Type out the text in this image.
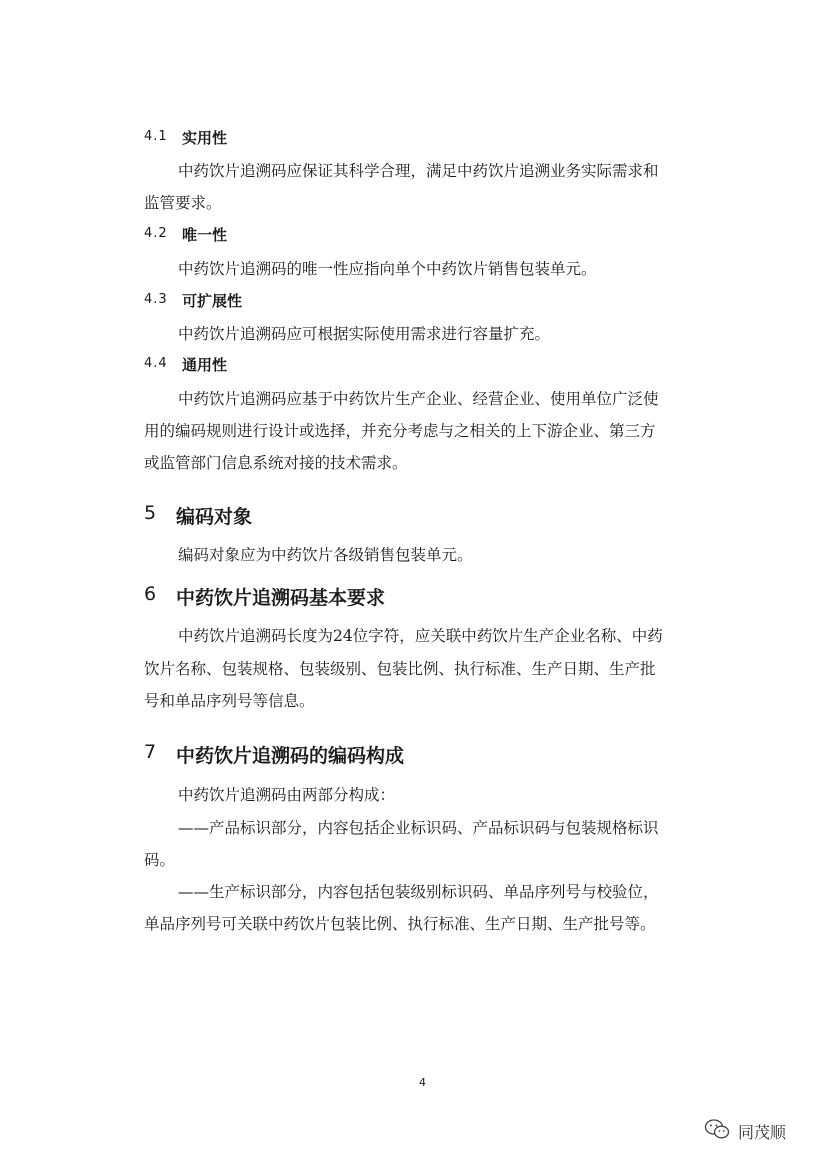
4.1 实用性
中药饮片追溯码应保证其科学合理，满足中药饮片追溯业务实际需求和
监管要求。
4.2 唯一性
中药饮片追溯码的唯一性应指向单个中药饮片销售包装单元。
4.3 可扩展性
中药饮片追溯码应可根据实际使用需求进行容量扩充。
4.4 通用性
中药饮片追溯码应基于中药饮片生产企业、经营企业、使用单位广泛使
用的编码规则进行设计或选择，并充分考虑与之相关的上下游企业、第三方
或监管部门信息系统对接的技术需求。
5 编码对象
编码对象应为中药饮片各级销售包装单元。
6 中药饮片追溯码基本要求
中药饮片追溯码长度为24位字符，应关联中药饮片生产企业名称、中药
饮片名称、包装规格、包装级别、包装比例、执行标准、生产日期、生产批
号和单品序列号等信息。
7 中药饮片追溯码的编码构成
中药饮片追溯码由两部分构成：
——产品标识部分，内容包括企业标识码、产品标识码与包装规格标识
码。
——生产标识部分，内容包括包装级别标识码、单品序列号与校验位，
单品序列号可关联中药饮片包装比例、执行标准、生产日期、生产批号等。
4
同茂顺
